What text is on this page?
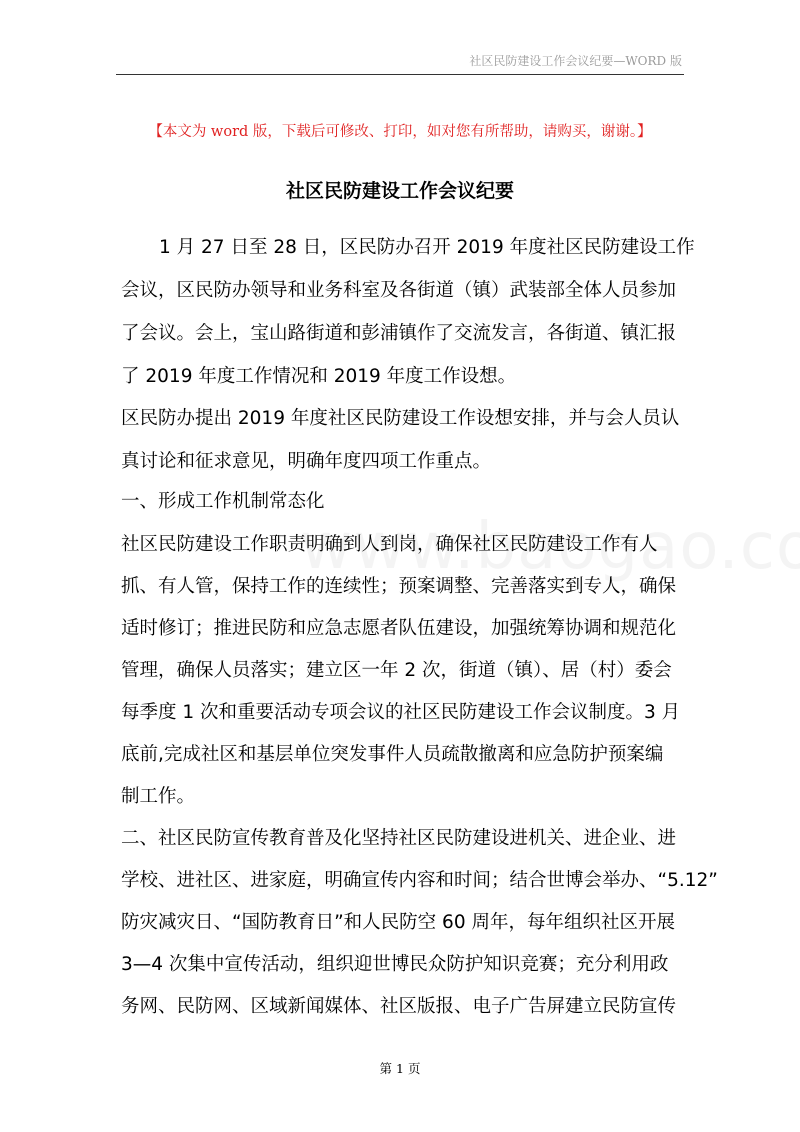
社区民防建设工作会议纪要—WORD 版
【本文为 word 版，下载后可修改、打印，如对您有所帮助，请购买，谢谢。】
社区民防建设工作会议纪要
1 月 27 日至 28 日，区民防办召开 2019 年度社区民防建设工作
会议，区民防办领导和业务科室及各街道（镇）武装部全体人员参加
了会议。会上，宝山路街道和彭浦镇作了交流发言，各街道、镇汇报
了 2019 年度工作情况和 2019 年度工作设想。
区民防办提出 2019 年度社区民防建设工作设想安排，并与会人员认
真讨论和征求意见，明确年度四项工作重点。
一、形成工作机制常态化
社区民防建设工作职责明确到人到岗，确保社区民防建设工作有人
抓、有人管，保持工作的连续性；预案调整、完善落实到专人，确保
适时修订；推进民防和应急志愿者队伍建设，加强统筹协调和规范化
管理，确保人员落实；建立区一年 2 次，街道（镇）、居（村）委会
每季度 1 次和重要活动专项会议的社区民防建设工作会议制度。3 月
底前,完成社区和基层单位突发事件人员疏散撤离和应急防护预案编
制工作。
二、社区民防宣传教育普及化坚持社区民防建设进机关、进企业、进
学校、进社区、进家庭，明确宣传内容和时间；结合世博会举办、“5.12”
防灾减灾日、“国防教育日”和人民防空 60 周年，每年组织社区开展
3—4 次集中宣传活动，组织迎世博民众防护知识竞赛；充分利用政
务网、民防网、区域新闻媒体、社区版报、电子广告屏建立民防宣传
第 1 页
